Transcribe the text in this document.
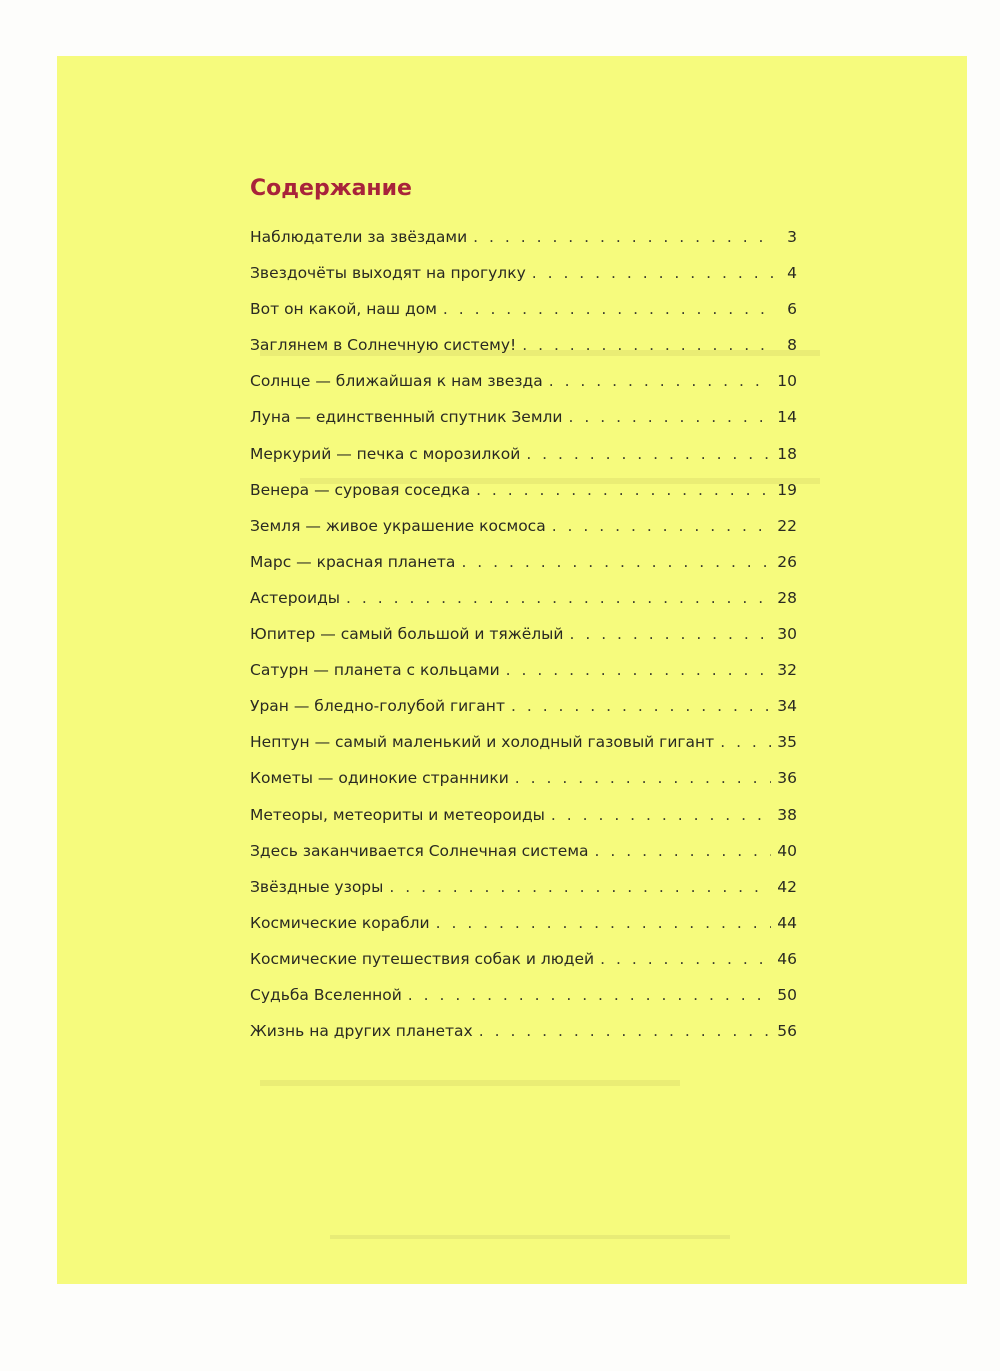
Содержание
Наблюдатели за звёздами . . .	3
Звездочёты выходят на прогулку . . .	4
Вот он какой, наш дом . . .	6
Заглянем в Солнечную систему! . . .	8
Солнце — ближайшая к нам звезда . . .	10
Луна — единственный спутник Земли . . .	14
Меркурий — печка с морозилкой . . .	18
Венера — суровая соседка . . .	19
Земля — живое украшение космоса . . .	22
Марс — красная планета . . .	26
Астероиды . . .	28
Юпитер — самый большой и тяжёлый . . .	30
Сатурн — планета с кольцами . . .	32
Уран — бледно-голубой гигант . . .	34
Нептун — самый маленький и холодный газовый гигант . . .	35
Кометы — одинокие странники . . .	36
Метеоры, метеориты и метеороиды . . .	38
Здесь заканчивается Солнечная система . . .	40
Звёздные узоры . . .	42
Космические корабли . . .	44
Космические путешествия собак и людей . . .	46
Судьба Вселенной . . .	50
Жизнь на других планетах . . .	56
